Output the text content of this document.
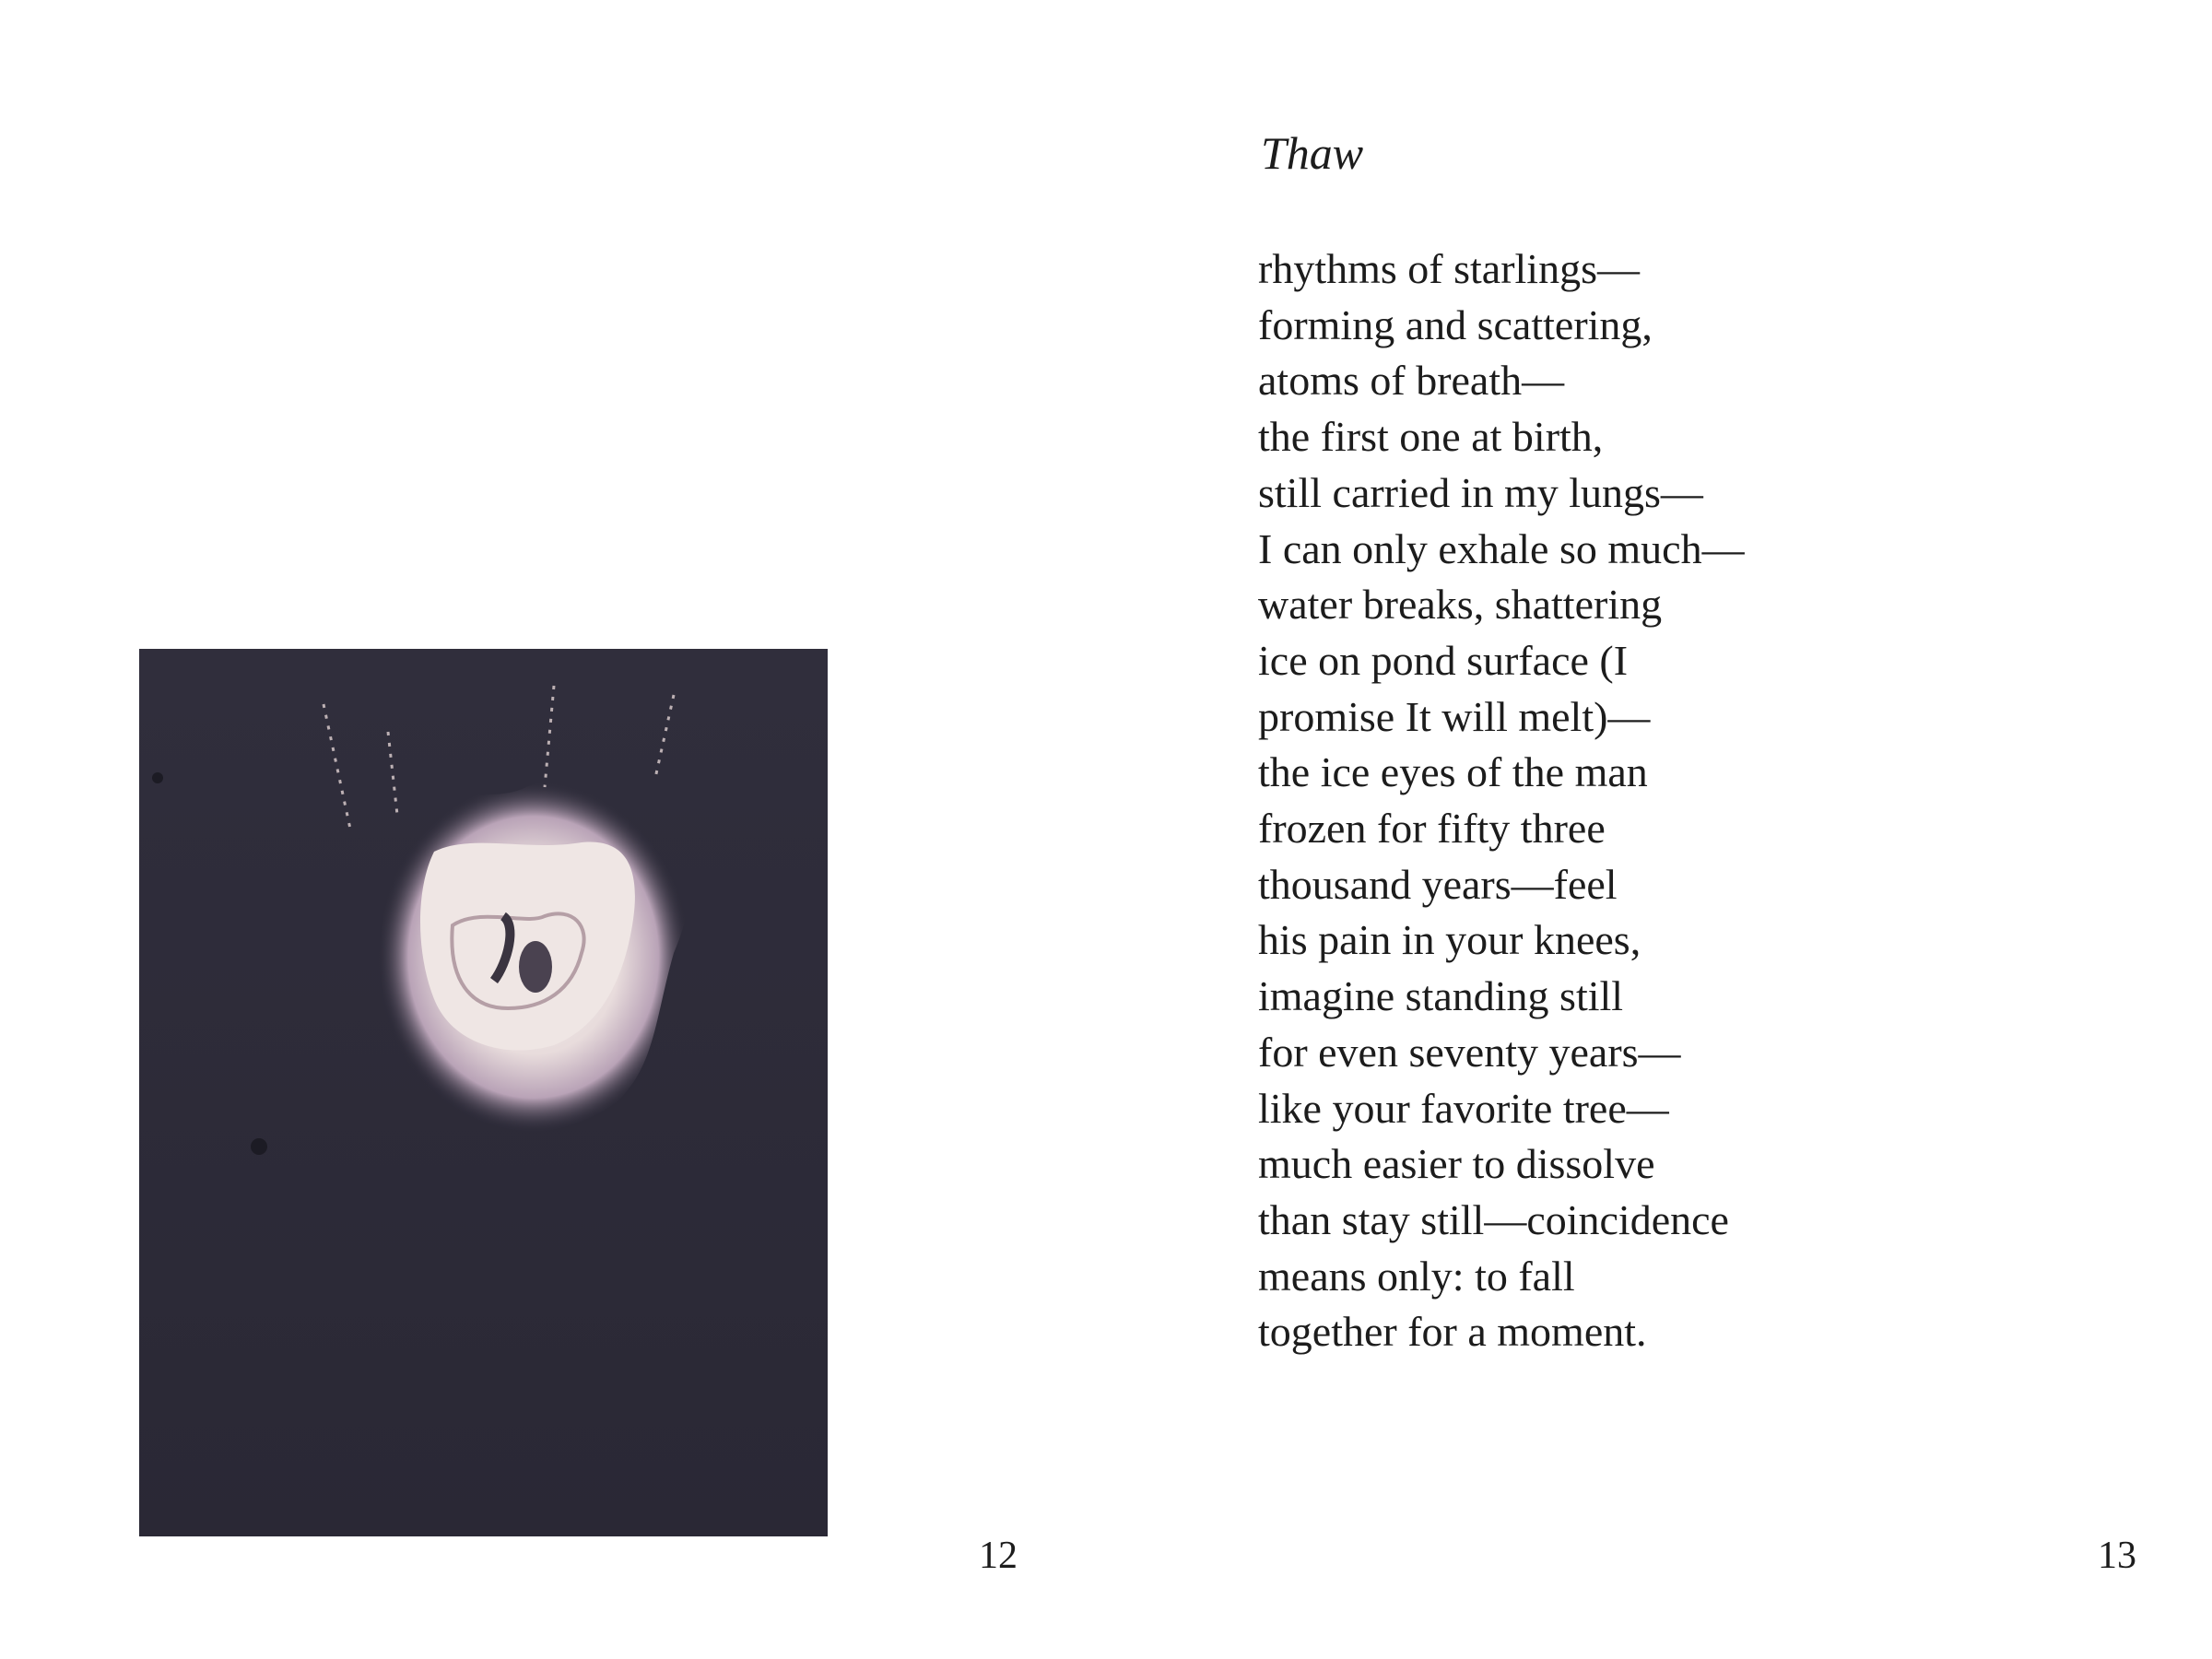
12
Thaw
rhythms of starlings—
forming and scattering,
atoms of breath—
the first one at birth,
still carried in my lungs—
I can only exhale so much—
water breaks, shattering
ice on pond surface (I
promise It will melt)—
the ice eyes of the man
frozen for fifty three
thousand years—feel
his pain in your knees,
imagine standing still
for even seventy years—
like your favorite tree—
much easier to dissolve
than stay still—coincidence
means only: to fall
together for a moment.
13
